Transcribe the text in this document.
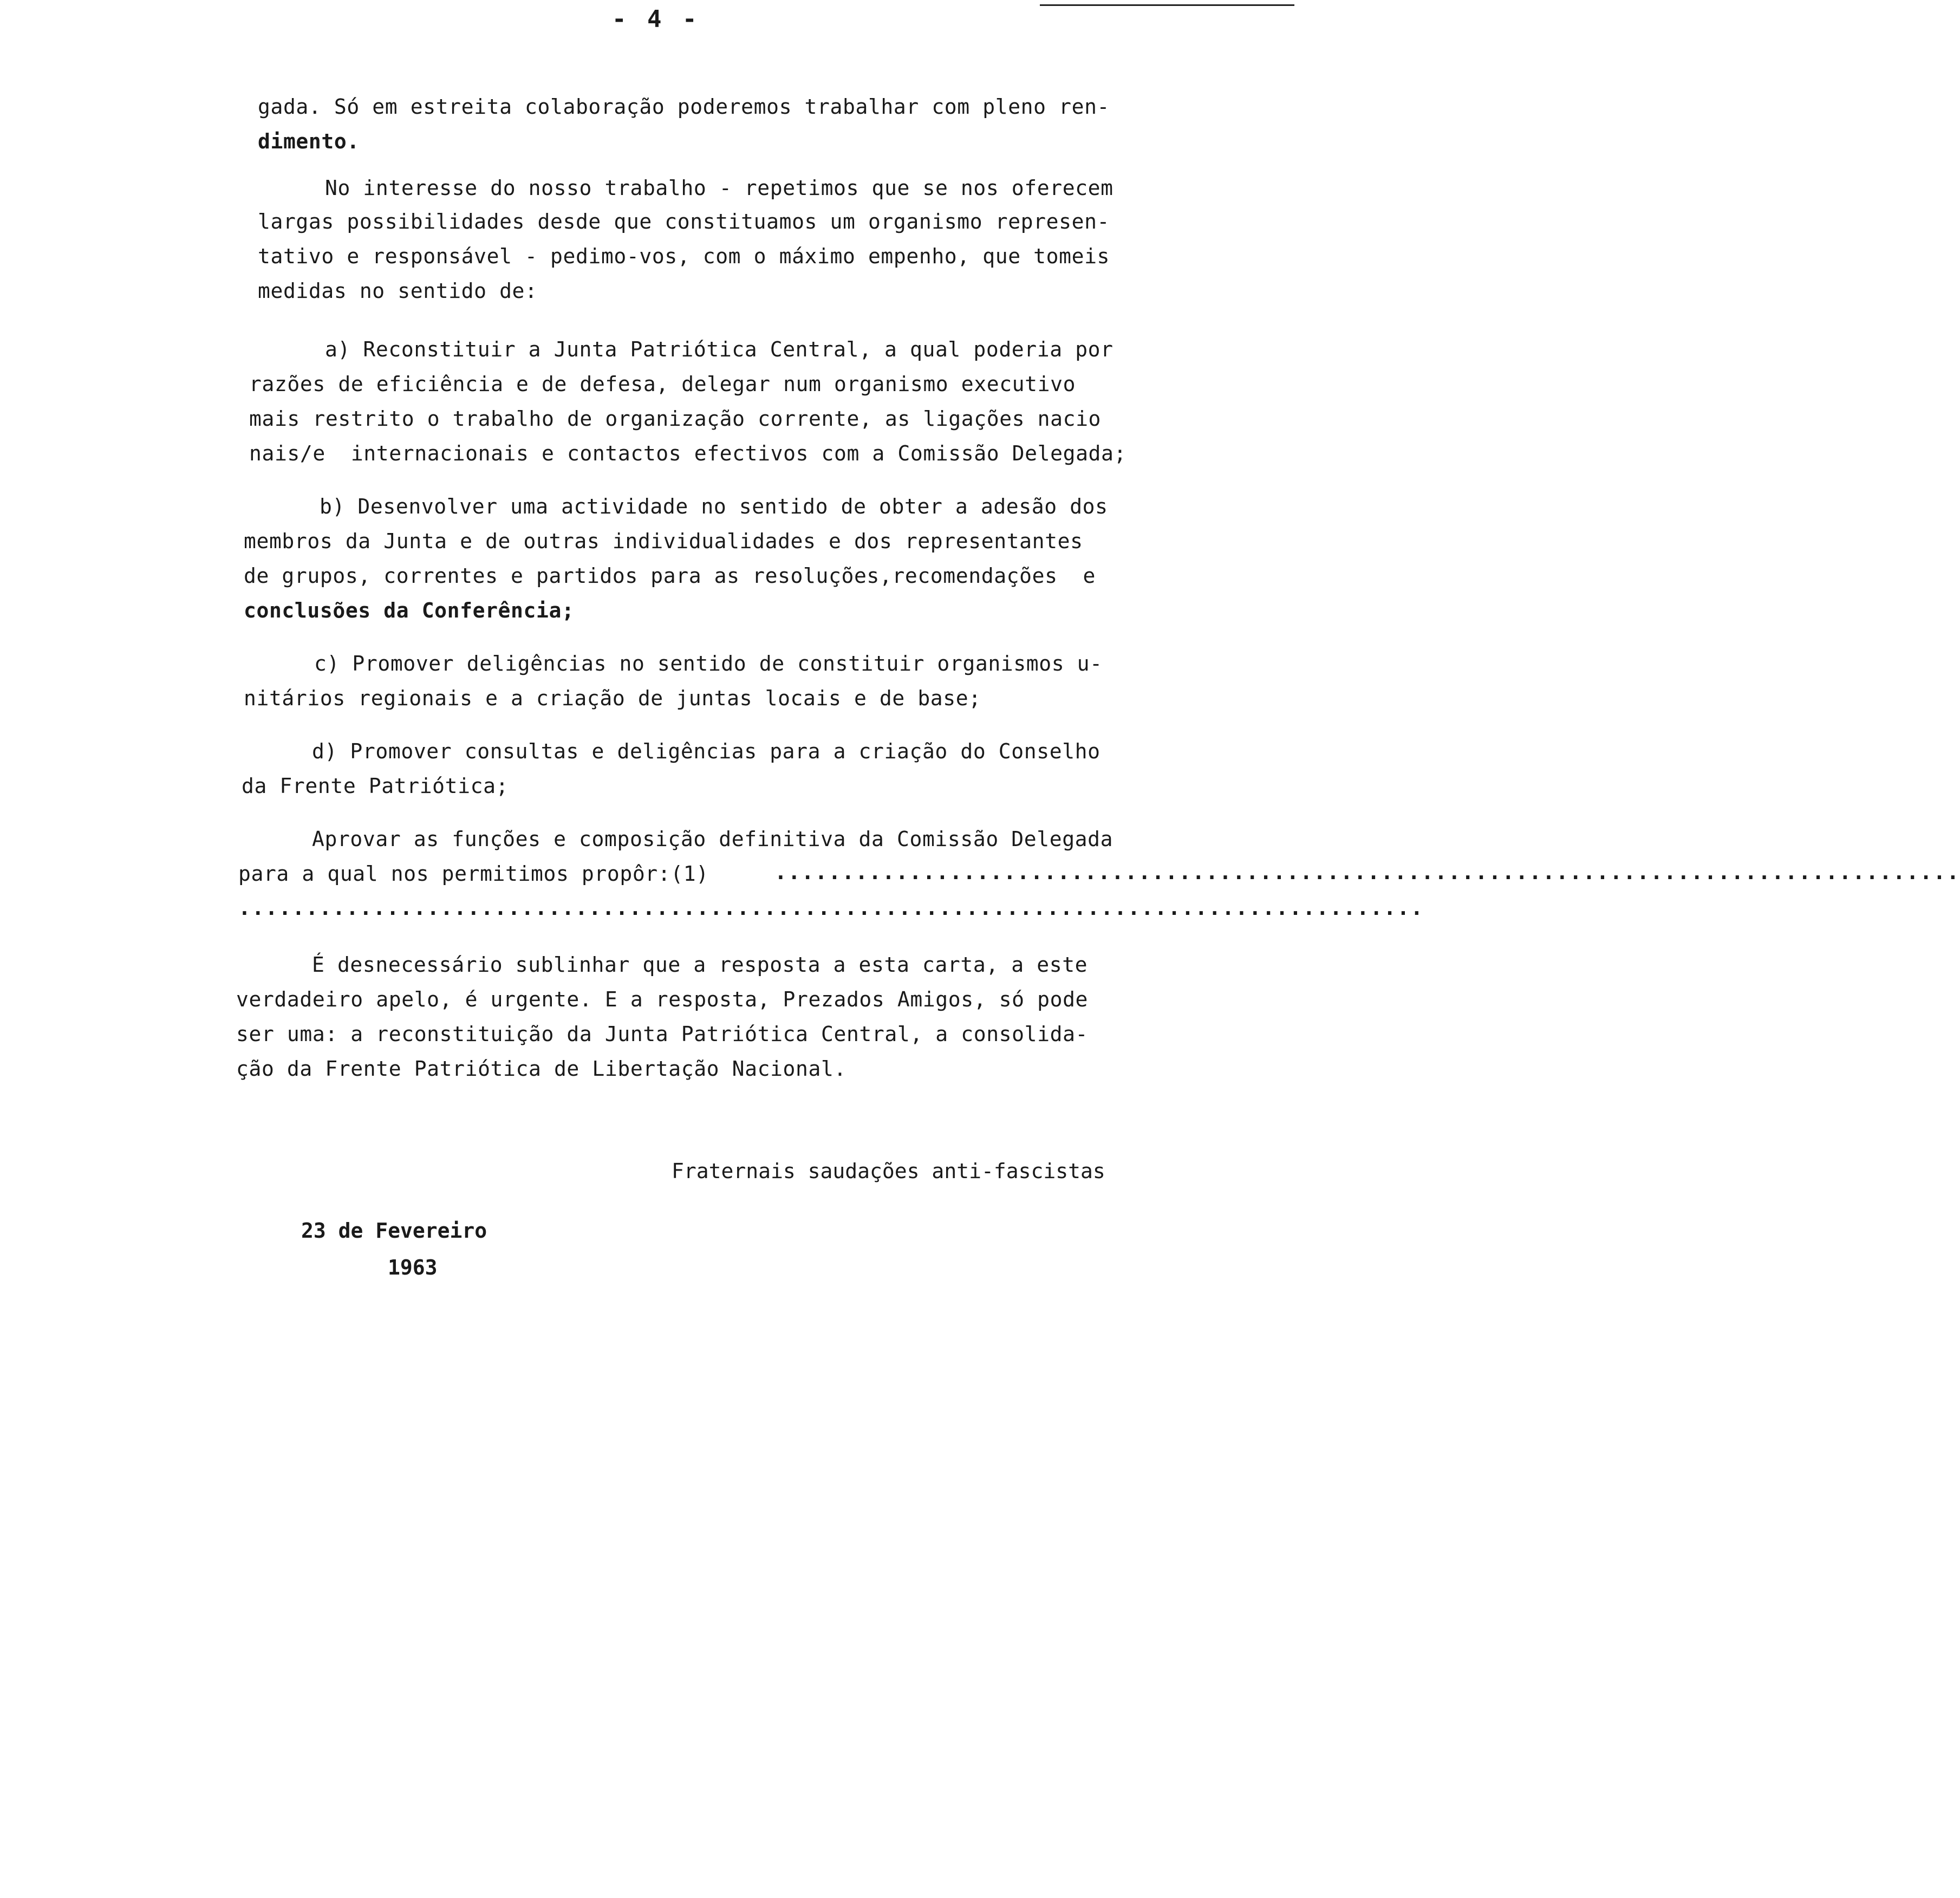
- 4 -
gada. Só em estreita colaboração poderemos trabalhar com pleno ren-
dimento.
No interesse do nosso trabalho - repetimos que se nos oferecem
largas possibilidades desde que constituamos um organismo represen-
tativo e responsável - pedimo-vos, com o máximo empenho, que tomeis
medidas no sentido de:
a) Reconstituir a Junta Patriótica Central, a qual poderia por
razões de eficiência e de defesa, delegar num organismo executivo
mais restrito o trabalho de organização corrente, as ligações nacio
nais/e  internacionais e contactos efectivos com a Comissão Delegada;
b) Desenvolver uma actividade no sentido de obter a adesão dos
membros da Junta e de outras individualidades e dos representantes
de grupos, correntes e partidos para as resoluções,recomendações  e
conclusões da Conferência;
c) Promover deligências no sentido de constituir organismos u-
nitários regionais e a criação de juntas locais e de base;
d) Promover consultas e deligências para a criação do Conselho
da Frente Patriótica;
Aprovar as funções e composição definitiva da Comissão Delegada
para a qual nos permitimos propôr:(1)	........................................................................................
........................................................................................
É desnecessário sublinhar que a resposta a esta carta, a este
verdadeiro apelo, é urgente. E a resposta, Prezados Amigos, só pode
ser uma: a reconstituição da Junta Patriótica Central, a consolida-
ção da Frente Patriótica de Libertação Nacional.
Fraternais saudações anti-fascistas
23 de Fevereiro
1963
